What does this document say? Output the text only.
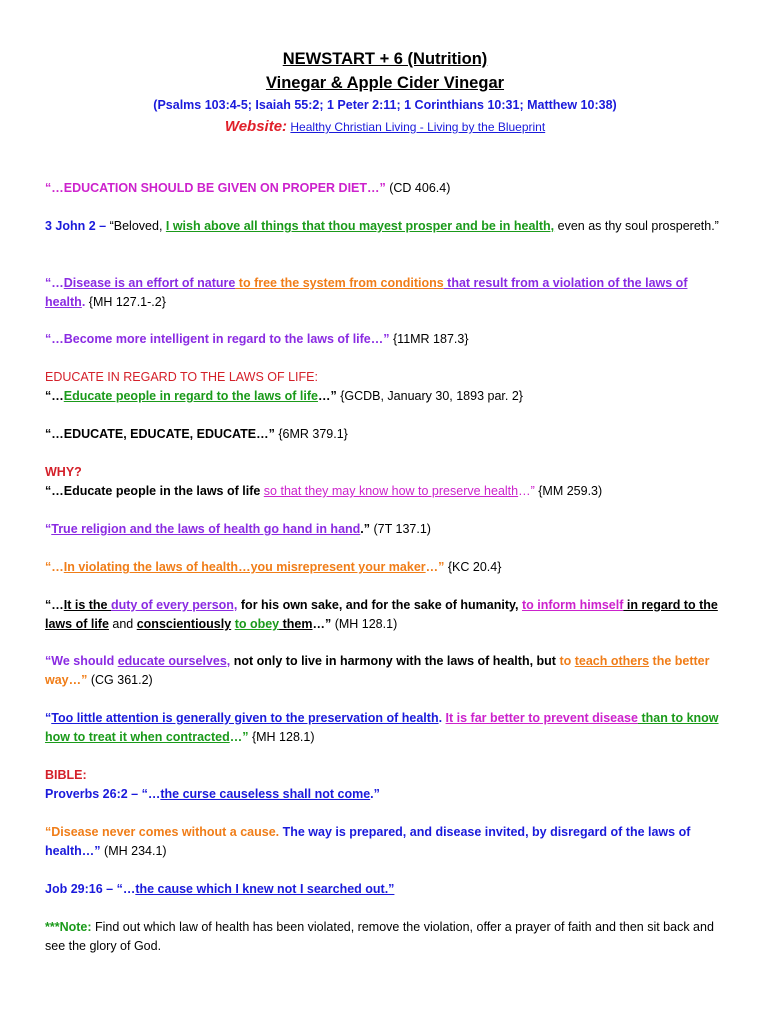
NEWSTART + 6 (Nutrition)
Vinegar & Apple Cider Vinegar
(Psalms 103:4-5; Isaiah 55:2; 1 Peter 2:11; 1 Corinthians 10:31; Matthew 10:38)
Website: Healthy Christian Living - Living by the Blueprint
“…EDUCATION SHOULD BE GIVEN ON PROPER DIET…” (CD 406.4)
3 John 2 – “Beloved, I wish above all things that thou mayest prosper and be in health, even as thy soul prospereth.”
“…Disease is an effort of nature to free the system from conditions that result from a violation of the laws of health. {MH 127.1-.2}
“…Become more intelligent in regard to the laws of life…” {11MR 187.3}
EDUCATE IN REGARD TO THE LAWS OF LIFE:
“…Educate people in regard to the laws of life…” {GCDB, January 30, 1893 par. 2}
“…EDUCATE, EDUCATE, EDUCATE…” {6MR 379.1}
WHY?
“…Educate people in the laws of life so that they may know how to preserve health…” {MM 259.3)
“True religion and the laws of health go hand in hand.” (7T 137.1)
“…In violating the laws of health…you misrepresent your maker…” {KC 20.4}
“…It is the duty of every person, for his own sake, and for the sake of humanity, to inform himself in regard to the laws of life and conscientiously to obey them…” (MH 128.1)
“We should educate ourselves, not only to live in harmony with the laws of health, but to teach others the better way…” (CG 361.2)
“Too little attention is generally given to the preservation of health. It is far better to prevent disease than to know how to treat it when contracted…” {MH 128.1)
BIBLE:
Proverbs 26:2 – “…the curse causeless shall not come.”
“Disease never comes without a cause. The way is prepared, and disease invited, by disregard of the laws of health…” (MH 234.1)
Job 29:16 – “…the cause which I knew not I searched out.”
***Note: Find out which law of health has been violated, remove the violation, offer a prayer of faith and then sit back and see the glory of God.
